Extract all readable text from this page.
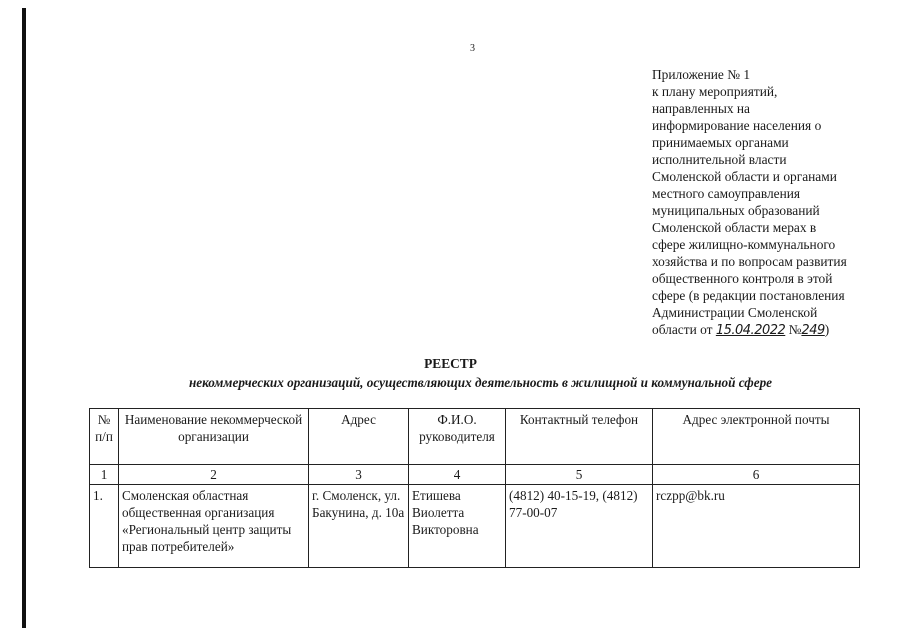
3
Приложение № 1
к плану мероприятий,
направленных на
информирование населения о
принимаемых органами
исполнительной власти
Смоленской области и органами
местного самоуправления
муниципальных образований
Смоленской области мерах в
сфере жилищно-коммунального
хозяйства и по вопросам развития
общественного контроля в этой
сфере (в редакции постановления
Администрации Смоленской
области от 15.04.2022 №249)
РЕЕСТР
некоммерческих организаций, осуществляющих деятельность в жилищной и коммунальной сфере
№ п/п	Наименование некоммерческой организации	Адрес	Ф.И.О. руководителя	Контактный телефон	Адрес электронной почты
1	2	3	4	5	6
1.	Смоленская областная общественная организация «Региональный центр защиты прав потребителей»	г. Смоленск, ул. Бакунина, д. 10а	Етишева Виолетта Викторовна	(4812) 40-15-19, (4812) 77-00-07	rczpp@bk.ru
